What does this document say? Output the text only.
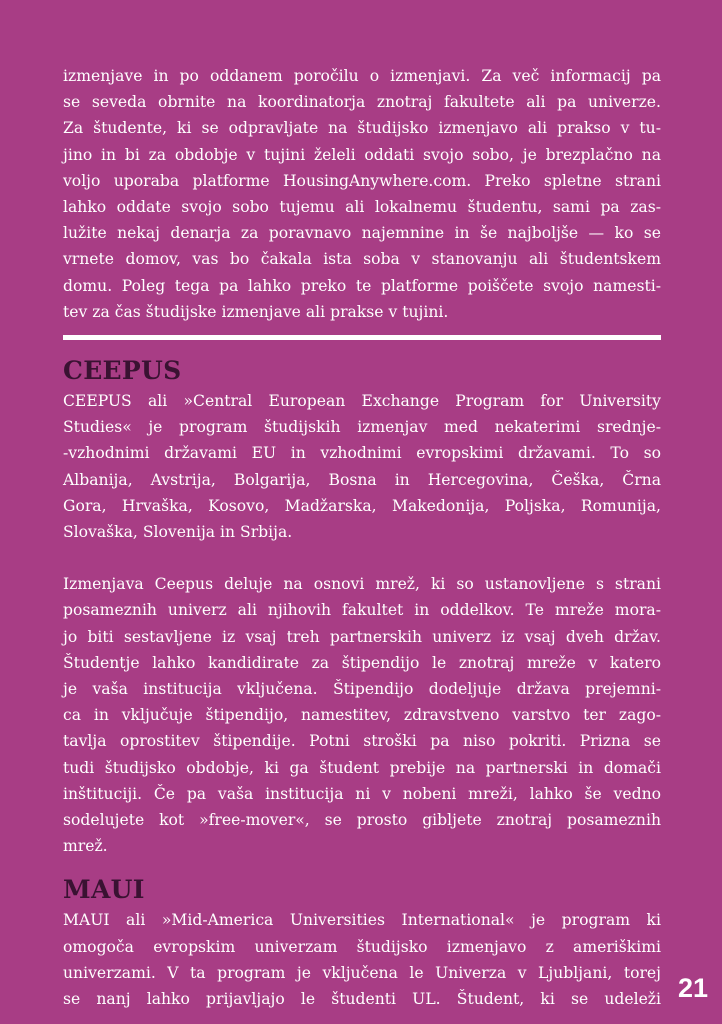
izmenjave in po oddanem poročilu o izmenjavi. Za več informacij pa
se seveda obrnite na koordinatorja znotraj fakultete ali pa univerze.
Za študente, ki se odpravljate na študijsko izmenjavo ali prakso v tu-
jino in bi za obdobje v tujini želeli oddati svojo sobo, je brezplačno na
voljo uporaba platforme HousingAnywhere.com. Preko spletne strani
lahko oddate svojo sobo tujemu ali lokalnemu študentu, sami pa zas-
lužite nekaj denarja za poravnavo najemnine in še najboljše — ko se
vrnete domov, vas bo čakala ista soba v stanovanju ali študentskem
domu. Poleg tega pa lahko preko te platforme poiščete svojo namesti-
tev za čas študijske izmenjave ali prakse v tujini.

CEEPUS

CEEPUS ali »Central European Exchange Program for University
Studies« je program študijskih izmenjav med nekaterimi srednje-
-vzhodnimi državami EU in vzhodnimi evropskimi državami. To so
Albanija, Avstrija, Bolgarija, Bosna in Hercegovina, Češka, Črna
Gora, Hrvaška, Kosovo, Madžarska, Makedonija, Poljska, Romunija,
Slovaška, Slovenija in Srbija.

Izmenjava Ceepus deluje na osnovi mrež, ki so ustanovljene s strani
posameznih univerz ali njihovih fakultet in oddelkov. Te mreže mora-
jo biti sestavljene iz vsaj treh partnerskih univerz iz vsaj dveh držav.
Študentje lahko kandidirate za štipendijo le znotraj mreže v katero
je vaša institucija vključena. Štipendijo dodeljuje država prejemni-
ca in vključuje štipendijo, namestitev, zdravstveno varstvo ter zago-
tavlja oprostitev štipendije. Potni stroški pa niso pokriti. Prizna se
tudi študijsko obdobje, ki ga študent prebije na partnerski in domači
inštituciji. Če pa vaša institucija ni v nobeni mreži, lahko še vedno
sodelujete kot »free-mover«, se prosto gibljete znotraj posameznih
mrež.

MAUI

MAUI ali »Mid-America Universities International« je program ki
omogoča evropskim univerzam študijsko izmenjavo z ameriškimi
univerzami. V ta program je vključena le Univerza v Ljubljani, torej
se nanj lahko prijavljajo le študenti UL. Študent, ki se udeleži 21
